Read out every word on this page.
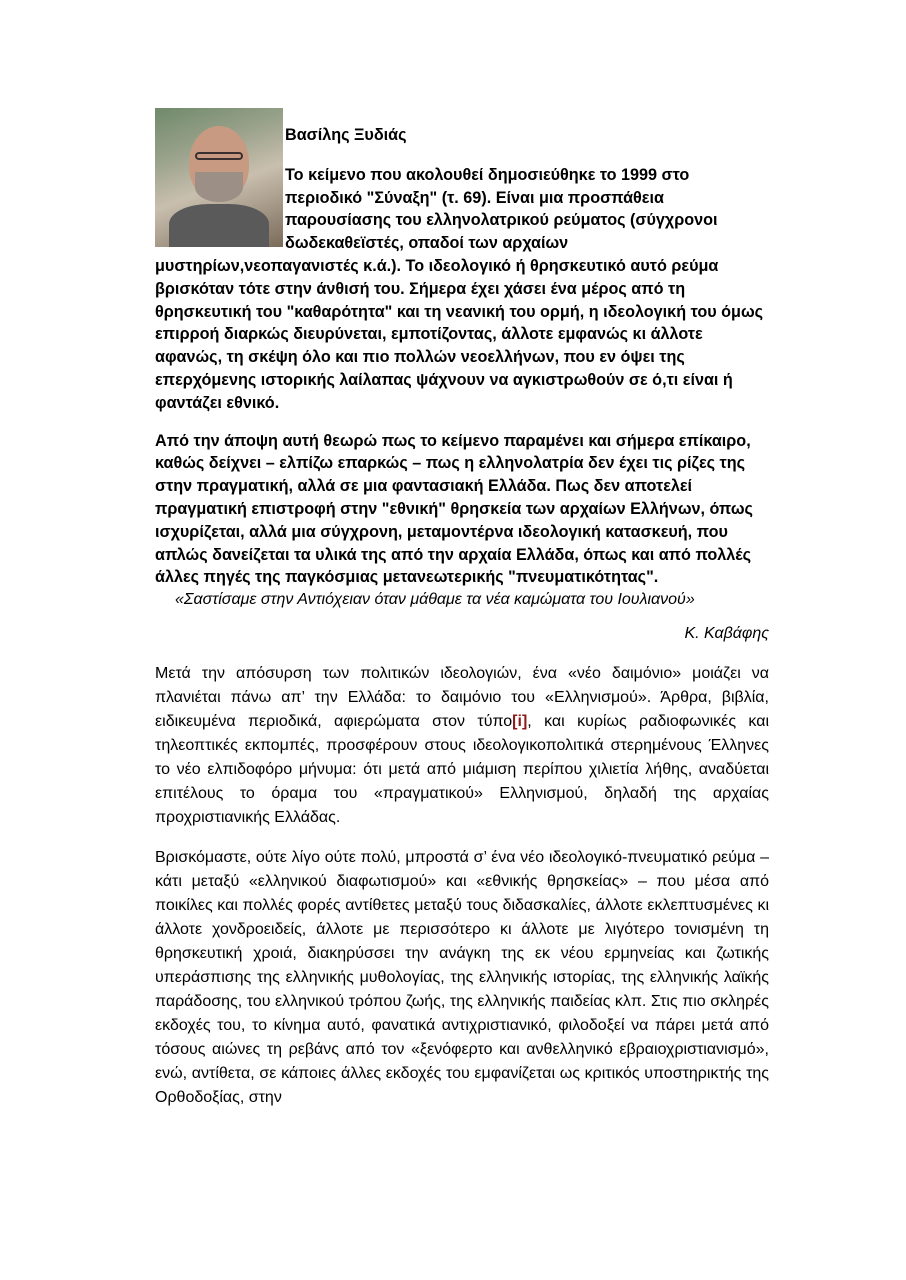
Βασίλης Ξυδιάς

Το κείμενο που ακολουθεί δημοσιεύθηκε το 1999 στο περιοδικό "Σύναξη" (τ. 69). Είναι μια προσπάθεια παρουσίασης του ελληνολατρικού ρεύματος (σύγχρονοι δωδεκαθεϊστές, οπαδοί των αρχαίων μυστηρίων,νεοπαγανιστές κ.ά.). Το ιδεολογικό ή θρησκευτικό αυτό ρεύμα βρισκόταν τότε στην άνθισή του. Σήμερα έχει χάσει ένα μέρος από τη θρησκευτική του "καθαρότητα" και τη νεανική του ορμή, η ιδεολογική του όμως επιρροή διαρκώς διευρύνεται, εμποτίζοντας, άλλοτε εμφανώς κι άλλοτε αφανώς, τη σκέψη όλο και πιο πολλών νεοελλήνων, που εν όψει της επερχόμενης ιστορικής λαίλαπας ψάχνουν να αγκιστρωθούν σε ό,τι είναι ή φαντάζει εθνικό.

Από την άποψη αυτή θεωρώ πως το κείμενο παραμένει και σήμερα επίκαιρο, καθώς δείχνει – ελπίζω επαρκώς – πως η ελληνολατρία δεν έχει τις ρίζες της στην πραγματική, αλλά σε μια φαντασιακή Ελλάδα. Πως δεν αποτελεί πραγματική επιστροφή στην "εθνική" θρησκεία των αρχαίων Ελλήνων, όπως ισχυρίζεται, αλλά μια σύγχρονη, μεταμοντέρνα ιδεολογική κατασκευή, που απλώς δανείζεται τα υλικά της από την αρχαία Ελλάδα, όπως και από πολλές άλλες πηγές της παγκόσμιας μετανεωτερικής "πνευματικότητας".

«Σαστίσαμε στην Αντιόχειαν όταν μάθαμε τα νέα καμώματα του Ιουλιανού»

Κ. Καβάφης

Μετά την απόσυρση των πολιτικών ιδεολογιών, ένα «νέο δαιμόνιο» μοιάζει να πλανιέται πάνω απ’ την Ελλάδα: το δαιμόνιο του «Ελληνισμού». Άρθρα, βιβλία, ειδικευμένα περιοδικά, αφιερώματα στον τύπο[i], και κυρίως ραδιοφωνικές και τηλεοπτικές εκπομπές, προσφέρουν στους ιδεολογικοπολιτικά στερημένους Έλληνες το νέο ελπιδοφόρο μήνυμα: ότι μετά από μιάμιση περίπου χιλιετία λήθης, αναδύεται επιτέλους το όραμα του «πραγματικού» Ελληνισμού, δηλαδή της αρχαίας προχριστιανικής Ελλάδας.

Βρισκόμαστε, ούτε λίγο ούτε πολύ, μπροστά σ’ ένα νέο ιδεολογικό-πνευματικό ρεύμα – κάτι μεταξύ «ελληνικού διαφωτισμού» και «εθνικής θρησκείας» – που μέσα από ποικίλες και πολλές φορές αντίθετες μεταξύ τους διδασκαλίες, άλλοτε εκλεπτυσμένες κι άλλοτε χονδροειδείς, άλλοτε με περισσότερο κι άλλοτε με λιγότερο τονισμένη τη θρησκευτική χροιά, διακηρύσσει την ανάγκη της εκ νέου ερμηνείας και ζωτικής υπεράσπισης της ελληνικής μυθολογίας, της ελληνικής ιστορίας, της ελληνικής λαϊκής παράδοσης, του ελληνικού τρόπου ζωής, της ελληνικής παιδείας κλπ. Στις πιο σκληρές εκδοχές του, το κίνημα αυτό, φανατικά αντιχριστιανικό, φιλοδοξεί να πάρει μετά από τόσους αιώνες τη ρεβάνς από τον «ξενόφερτο και ανθελληνικό εβραιοχριστιανισμό», ενώ, αντίθετα, σε κάποιες άλλες εκδοχές του εμφανίζεται ως κριτικός υποστηρικτής της Ορθοδοξίας, στην
